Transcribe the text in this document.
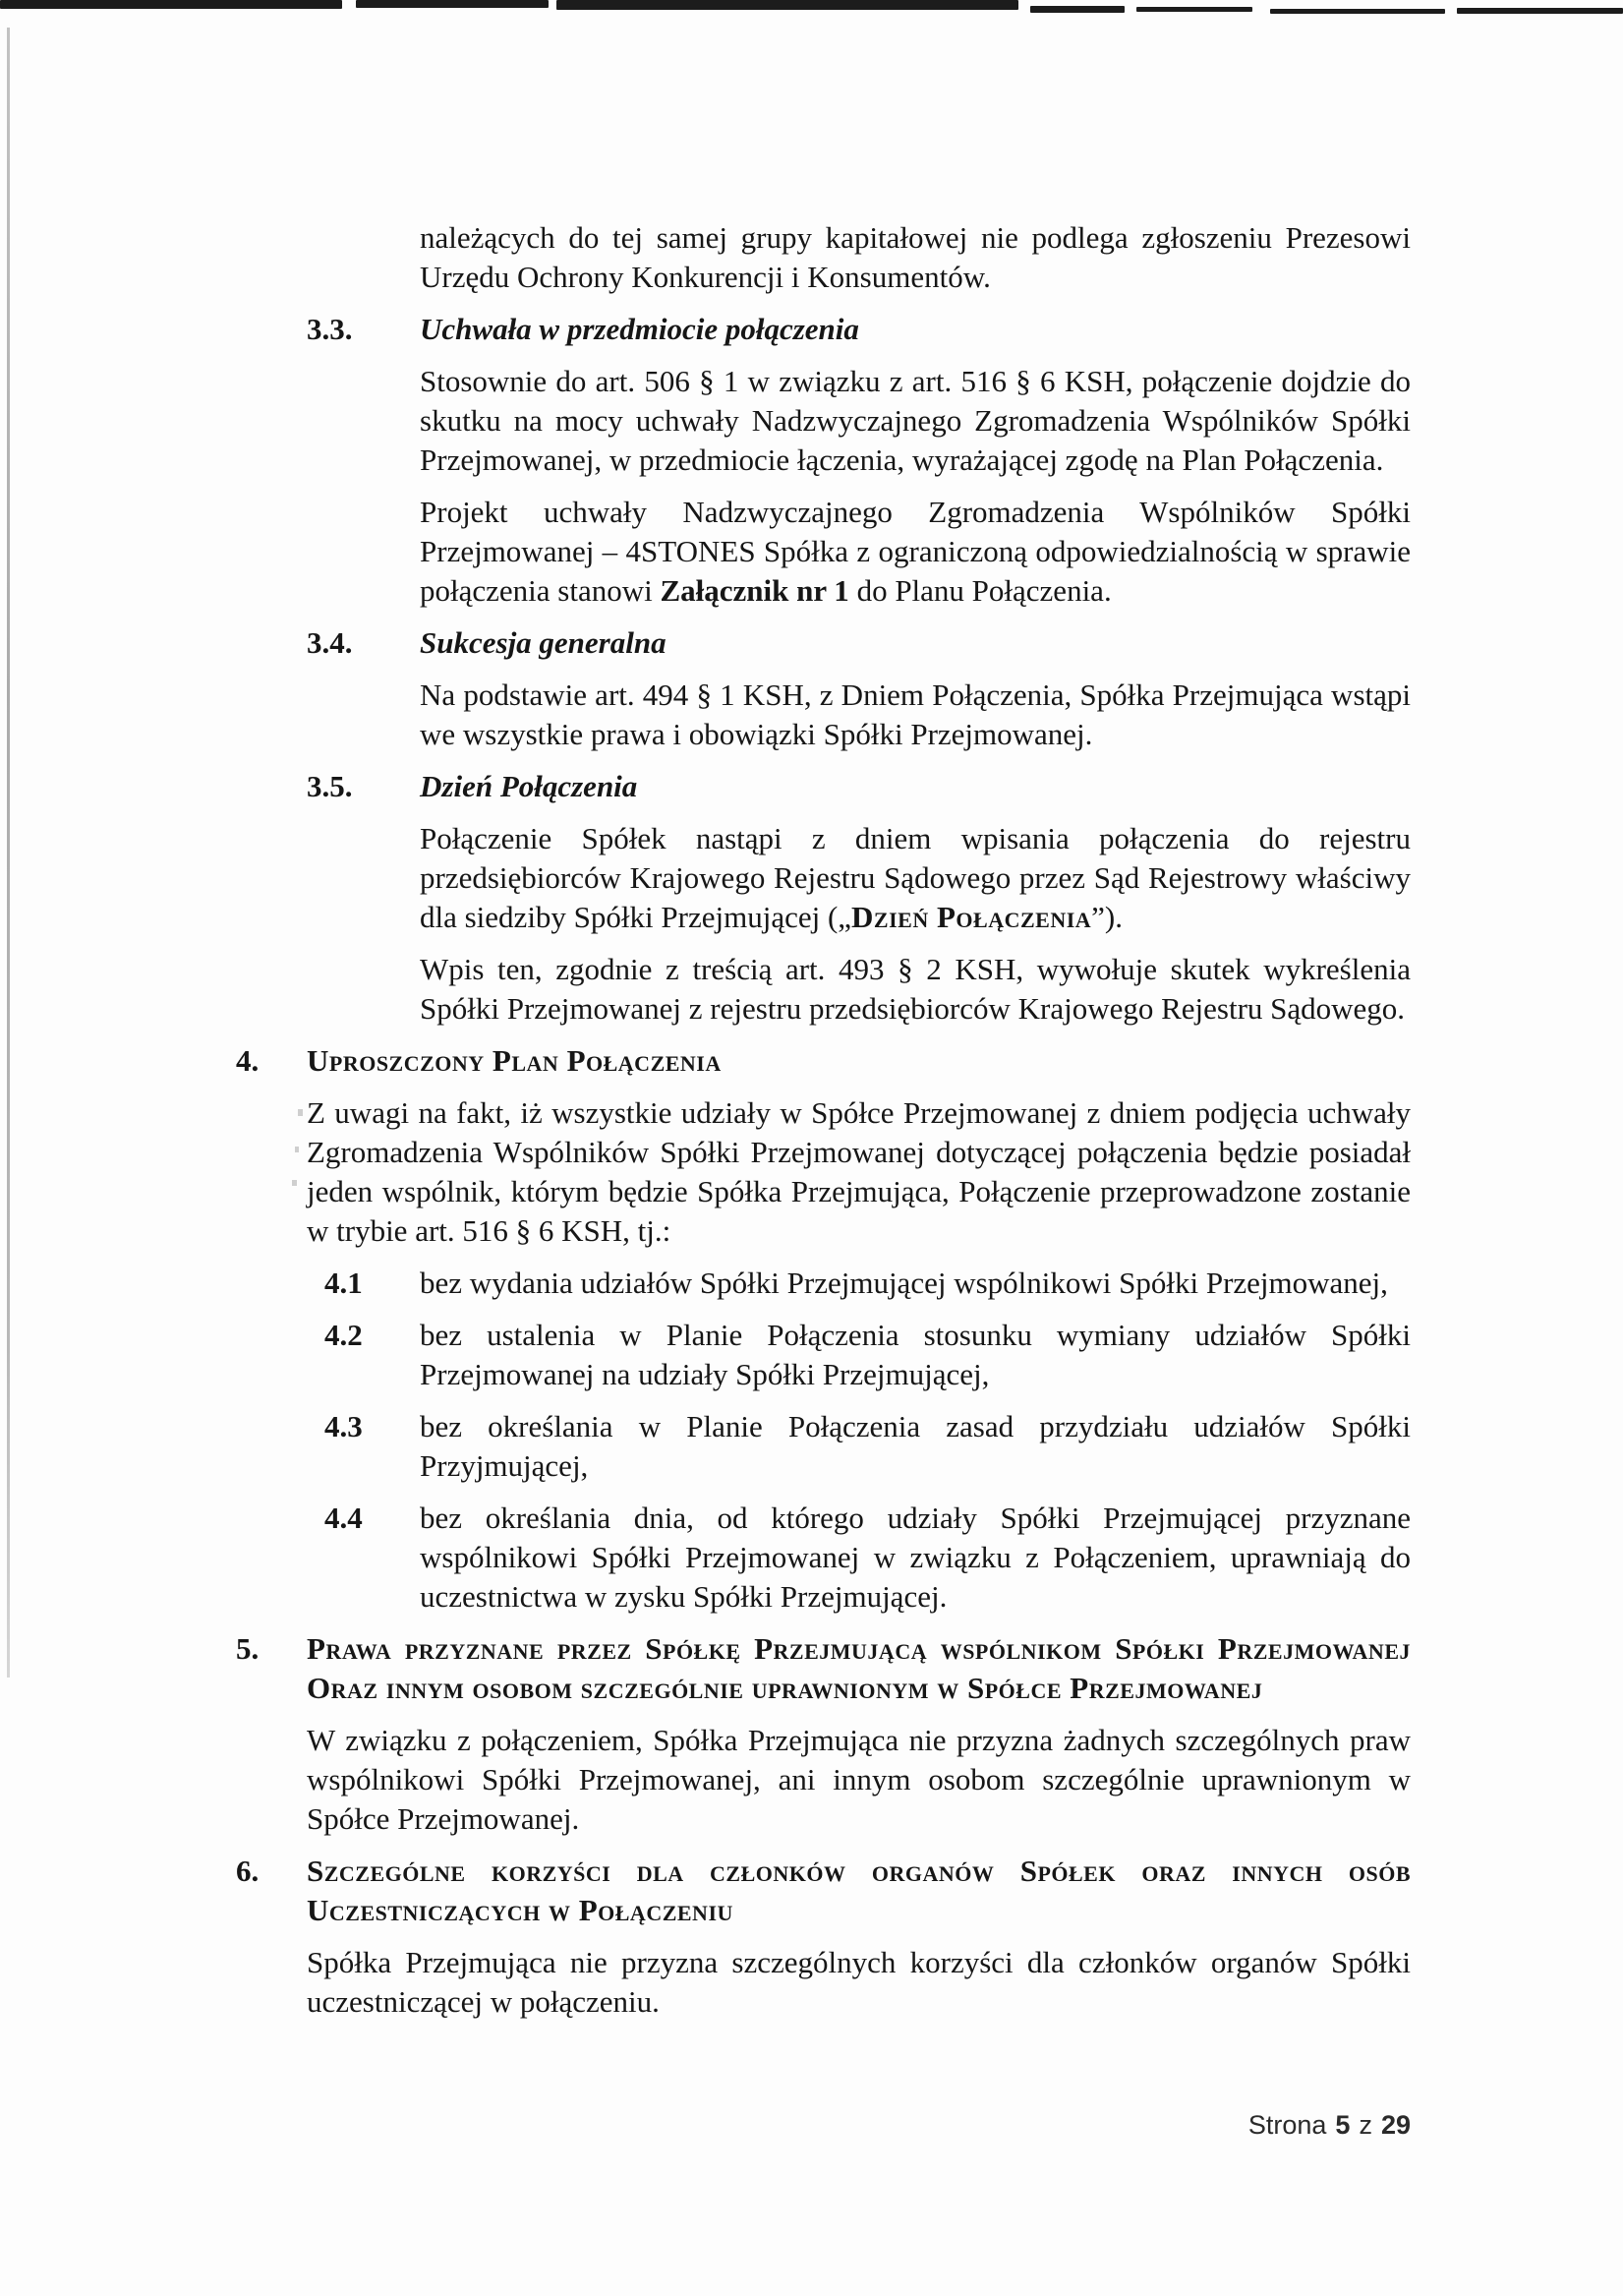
należących do tej samej grupy kapitałowej nie podlega zgłoszeniu Prezesowi Urzędu Ochrony Konkurencji i Konsumentów.

3.3. Uchwała w przedmiocie połączenia

Stosownie do art. 506 § 1 w związku z art. 516 § 6 KSH, połączenie dojdzie do skutku na mocy uchwały Nadzwyczajnego Zgromadzenia Wspólników Spółki Przejmowanej, w przedmiocie łączenia, wyrażającej zgodę na Plan Połączenia.

Projekt uchwały Nadzwyczajnego Zgromadzenia Wspólników Spółki Przejmowanej – 4STONES Spółka z ograniczoną odpowiedzialnością w sprawie połączenia stanowi Załącznik nr 1 do Planu Połączenia.

3.4. Sukcesja generalna

Na podstawie art. 494 § 1 KSH, z Dniem Połączenia, Spółka Przejmująca wstąpi we wszystkie prawa i obowiązki Spółki Przejmowanej.

3.5. Dzień Połączenia

Połączenie Spółek nastąpi z dniem wpisania połączenia do rejestru przedsiębiorców Krajowego Rejestru Sądowego przez Sąd Rejestrowy właściwy dla siedziby Spółki Przejmującej („Dzień Połączenia”).

Wpis ten, zgodnie z treścią art. 493 § 2 KSH, wywołuje skutek wykreślenia Spółki Przejmowanej z rejestru przedsiębiorców Krajowego Rejestru Sądowego.

4. Uproszczony Plan Połączenia

Z uwagi na fakt, iż wszystkie udziały w Spółce Przejmowanej z dniem podjęcia uchwały Zgromadzenia Wspólników Spółki Przejmowanej dotyczącej połączenia będzie posiadał jeden wspólnik, którym będzie Spółka Przejmująca, Połączenie przeprowadzone zostanie w trybie art. 516 § 6 KSH, tj.:

4.1 bez wydania udziałów Spółki Przejmującej wspólnikowi Spółki Przejmowanej,
4.2 bez ustalenia w Planie Połączenia stosunku wymiany udziałów Spółki Przejmowanej na udziały Spółki Przejmującej,
4.3 bez określania w Planie Połączenia zasad przydziału udziałów Spółki Przyjmującej,
4.4 bez określania dnia, od którego udziały Spółki Przejmującej przyznane wspólnikowi Spółki Przejmowanej w związku z Połączeniem, uprawniają do uczestnictwa w zysku Spółki Przejmującej.
5. Prawa przyznane przez Spółkę Przejmującą wspólnikom Spółki Przejmowanej
Oraz innym osobom szczególnie uprawnionym w Spółce Przejmowanej

W związku z połączeniem, Spółka Przejmująca nie przyzna żadnych szczególnych praw wspólnikowi Spółki Przejmowanej, ani innym osobom szczególnie uprawnionym w Spółce Przejmowanej.

6. Szczególne korzyści dla członków organów Spółek oraz innych osób
Uczestniczących w Połączeniu

Spółka Przejmująca nie przyzna szczególnych korzyści dla członków organów Spółki uczestniczącej w połączeniu.

Strona 5 z 29
